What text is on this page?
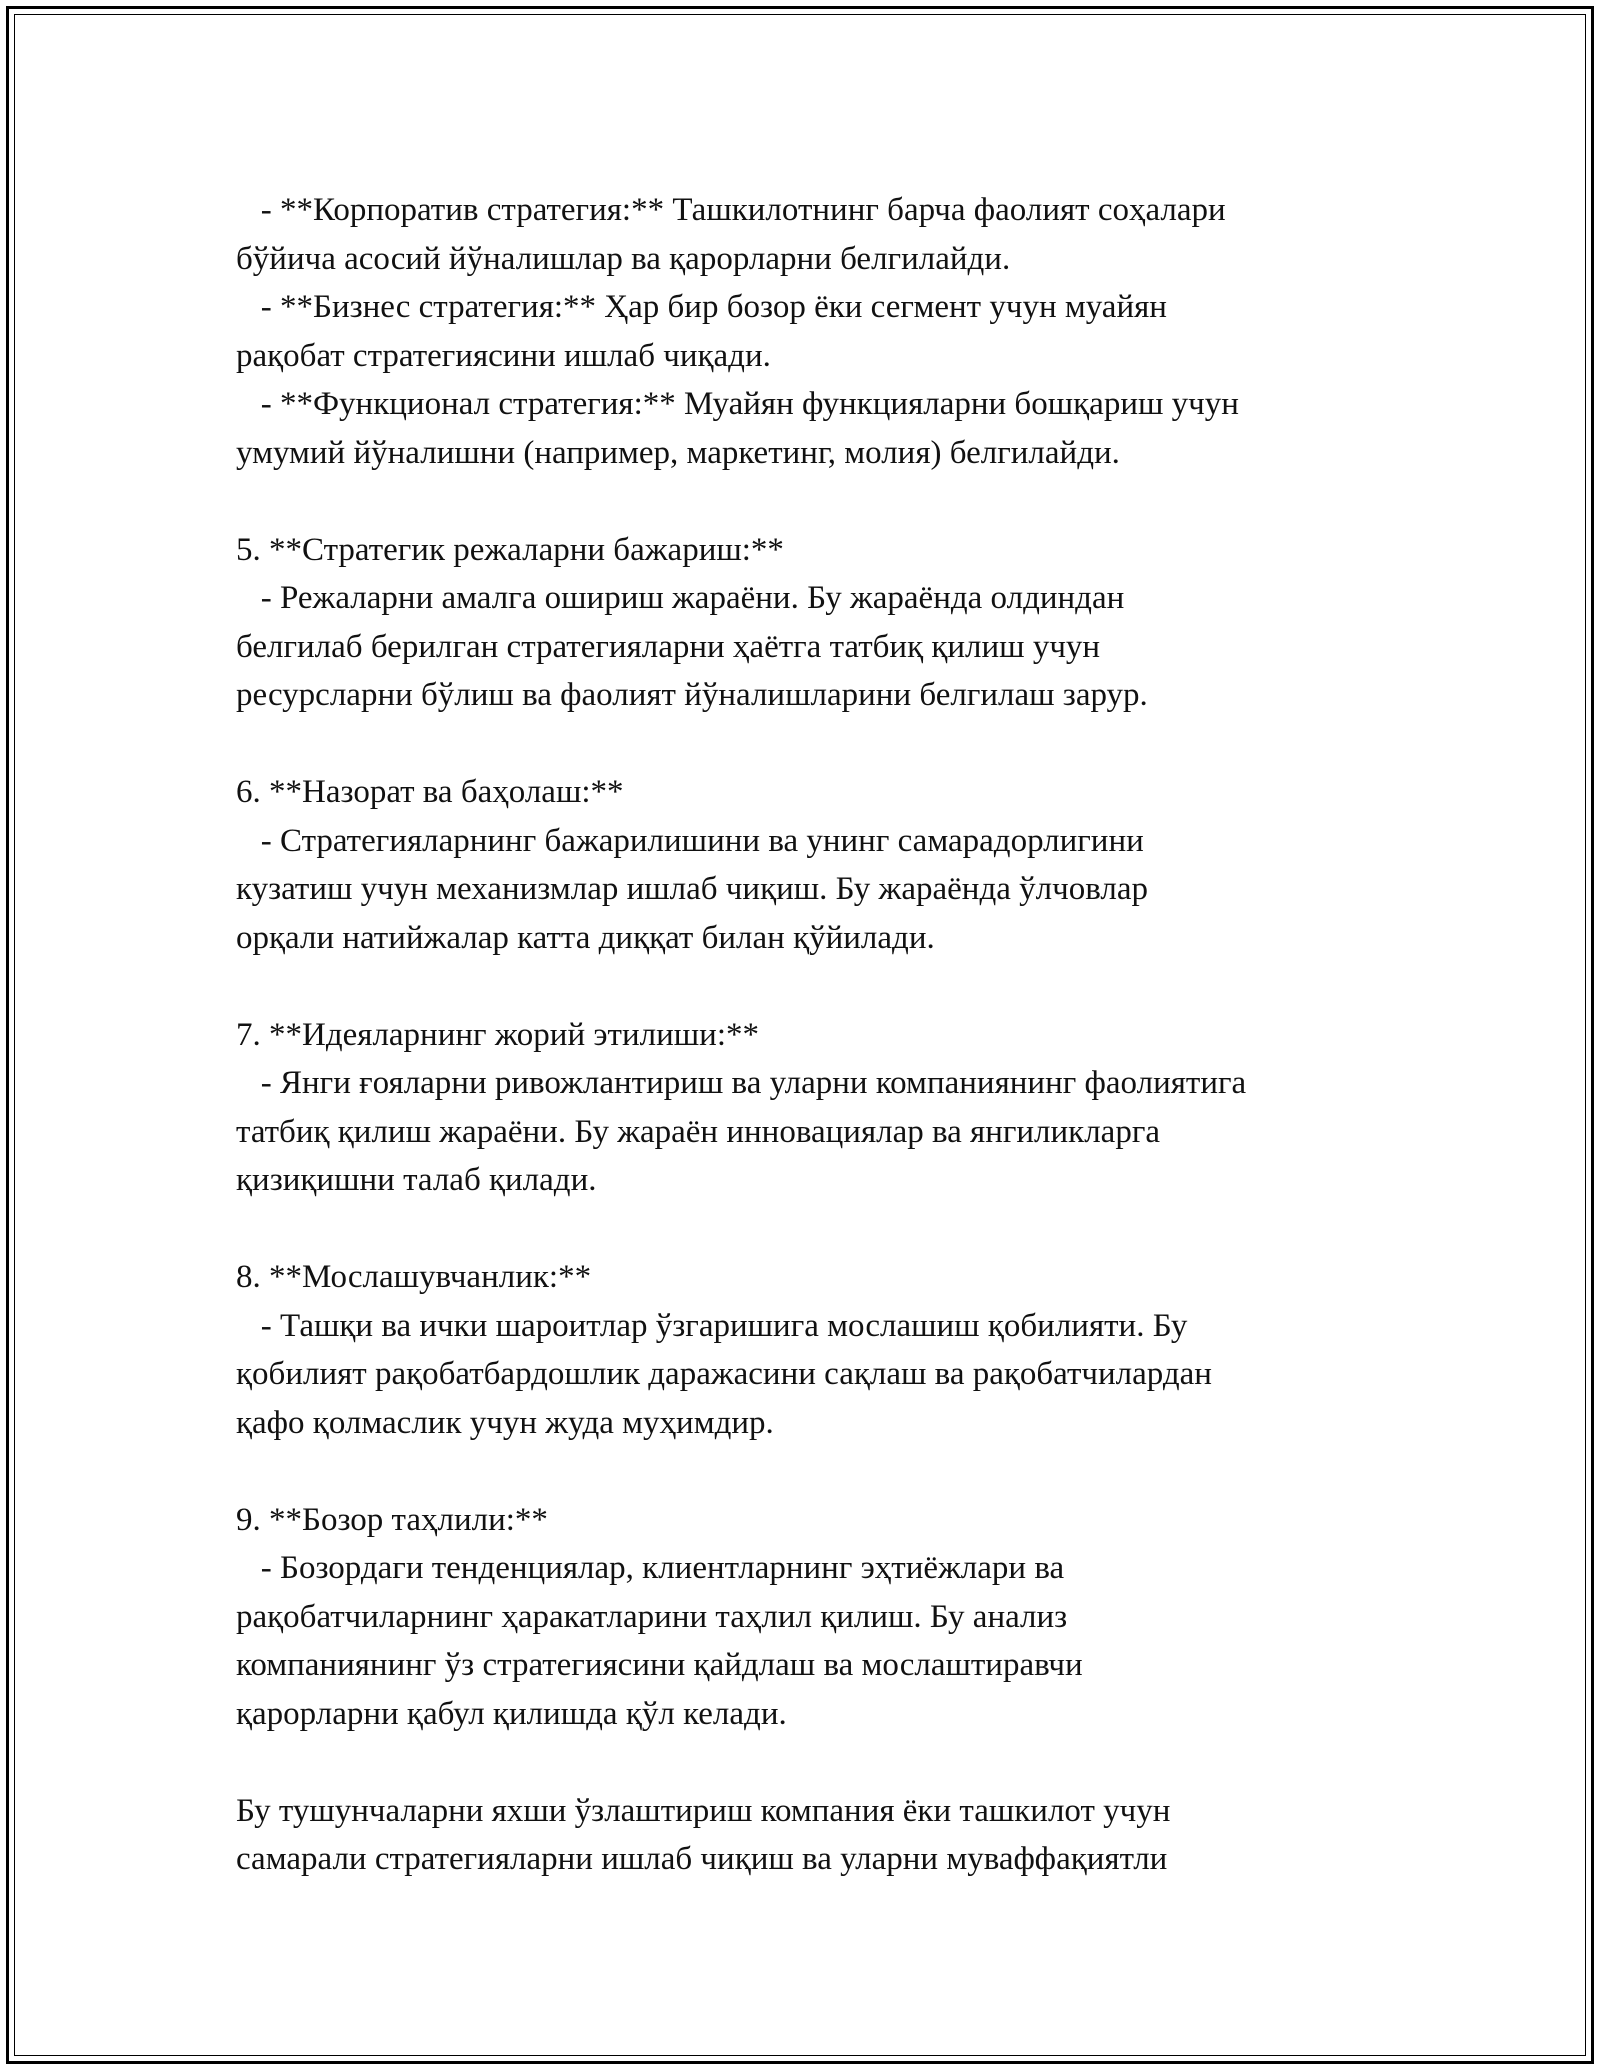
- **Корпоратив стратегия:** Ташкилотнинг барча фаолият соҳалари
бўйича асосий йўналишлар ва қарорларни белгилайди.
- **Бизнес стратегия:** Ҳар бир бозор ёки сегмент учун муайян
рақобат стратегиясини ишлаб чиқади.
- **Функционал стратегия:** Муайян функцияларни бошқариш учун
умумий йўналишни (например, маркетинг, молия) белгилайди.
5. **Стратегик режаларни бажариш:**
- Режаларни амалга ошириш жараёни. Бу жараёнда олдиндан
белгилаб берилган стратегияларни ҳаётга татбиқ қилиш учун
ресурсларни бўлиш ва фаолият йўналишларини белгилаш зарур.
6. **Назорат ва баҳолаш:**
- Стратегияларнинг бажарилишини ва унинг самарадорлигини
кузатиш учун механизмлар ишлаб чиқиш. Бу жараёнда ўлчовлар
орқали натийжалар катта диққат билан қўйилади.
7. **Идеяларнинг жорий этилиши:**
- Янги ғояларни ривожлантириш ва уларни компаниянинг фаолиятига
татбиқ қилиш жараёни. Бу жараён инновациялар ва янгиликларга
қизиқишни талаб қилади.
8. **Мослашувчанлик:**
- Ташқи ва ички шароитлар ўзгаришига мослашиш қобилияти. Бу
қобилият рақобатбардошлик даражасини сақлаш ва рақобатчилардан
қафо қолмаслик учун жуда муҳимдир.
9. **Бозор таҳлили:**
- Бозордаги тенденциялар, клиентларнинг эҳтиёжлари ва
рақобатчиларнинг ҳаракатларини таҳлил қилиш. Бу анализ
компаниянинг ўз стратегиясини қайдлаш ва мослаштиравчи
қарорларни қабул қилишда қўл келади.
Бу тушунчаларни яхши ўзлаштириш компания ёки ташкилот учун
самарали стратегияларни ишлаб чиқиш ва уларни муваффақиятли
